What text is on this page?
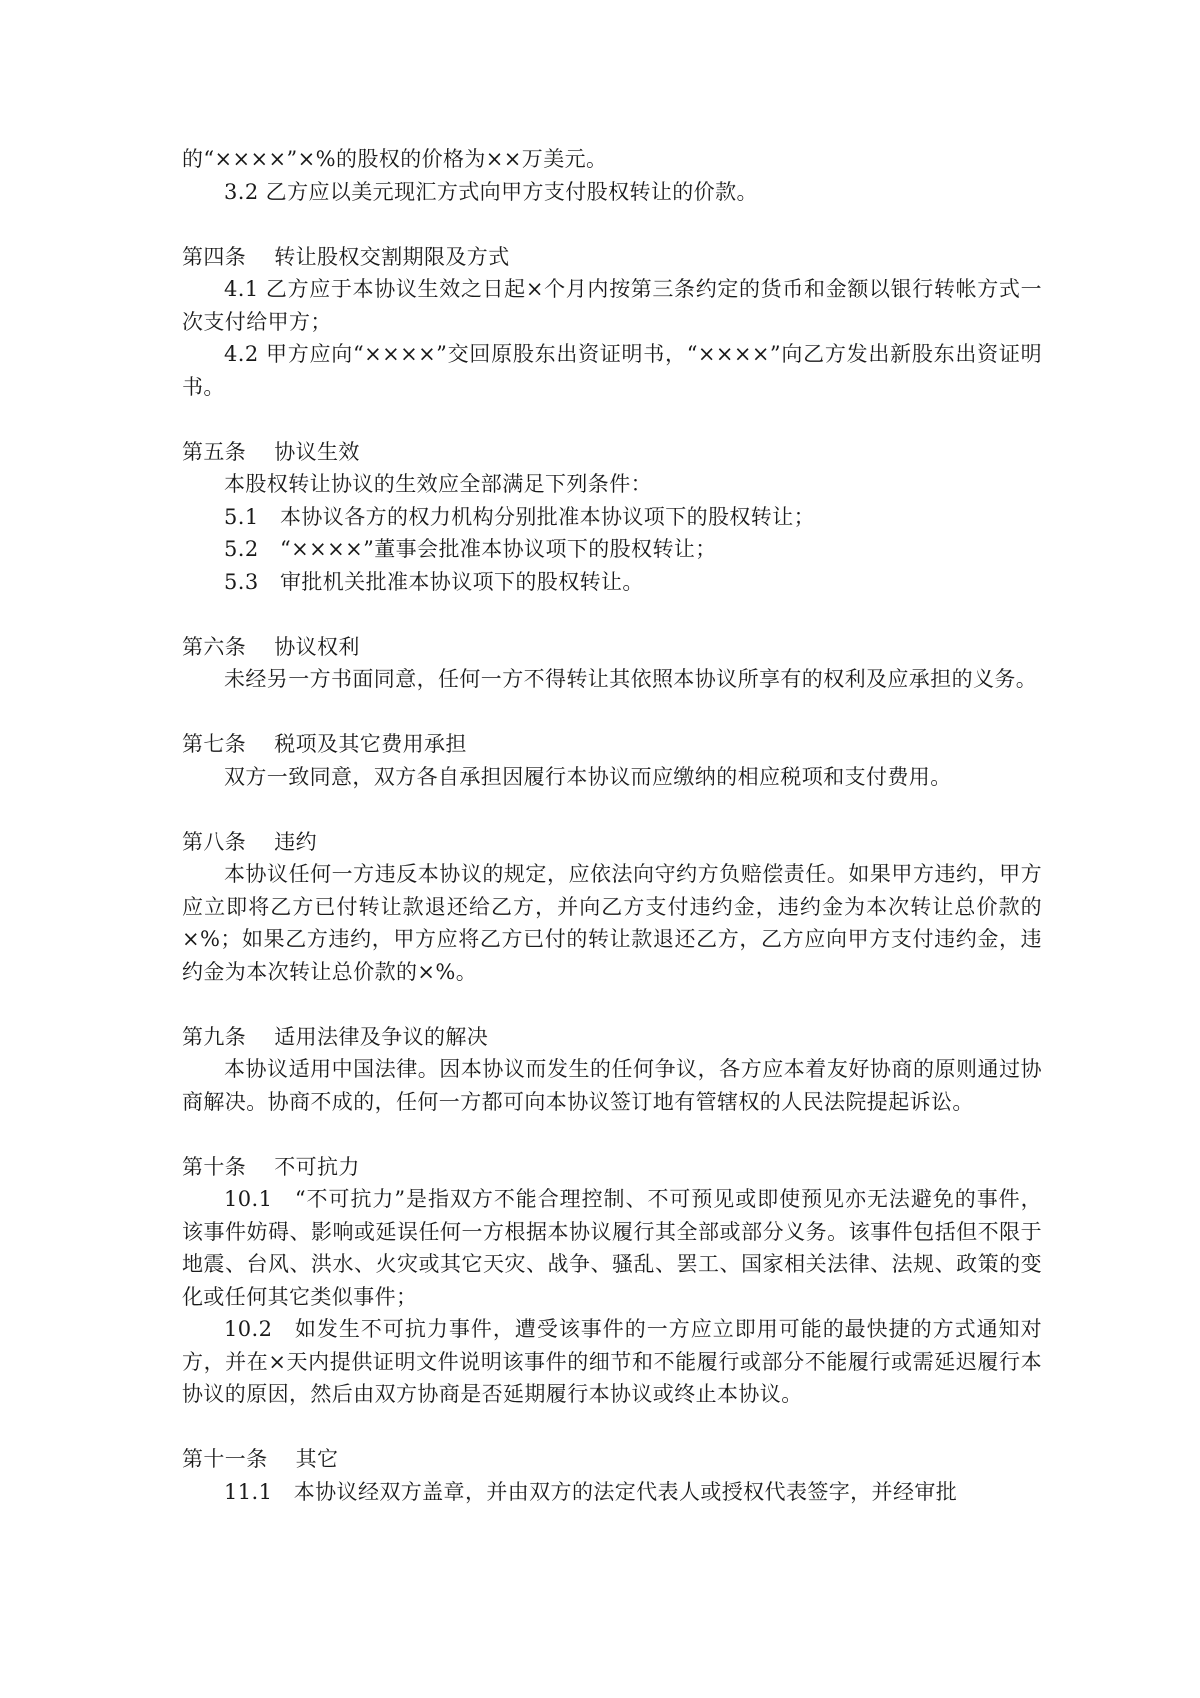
的“××××”×%的股权的价格为××万美元。

3.2 乙方应以美元现汇方式向甲方支付股权转让的价款。

第四条 转让股权交割期限及方式

4.1 乙方应于本协议生效之日起×个月内按第三条约定的货币和金额以银行转帐方式一次支付给甲方；

4.2 甲方应向“××××”交回原股东出资证明书，“××××”向乙方发出新股东出资证明书。

第五条 协议生效

本股权转让协议的生效应全部满足下列条件：

5.1　本协议各方的权力机构分别批准本协议项下的股权转让；

5.2　“××××”董事会批准本协议项下的股权转让；

5.3　审批机关批准本协议项下的股权转让。

第六条 协议权利

未经另一方书面同意，任何一方不得转让其依照本协议所享有的权利及应承担的义务。

第七条 税项及其它费用承担

双方一致同意，双方各自承担因履行本协议而应缴纳的相应税项和支付费用。

第八条 违约

本协议任何一方违反本协议的规定，应依法向守约方负赔偿责任。如果甲方违约，甲方应立即将乙方已付转让款退还给乙方，并向乙方支付违约金，违约金为本次转让总价款的×%；如果乙方违约，甲方应将乙方已付的转让款退还乙方，乙方应向甲方支付违约金，违约金为本次转让总价款的×%。

第九条 适用法律及争议的解决

本协议适用中国法律。因本协议而发生的任何争议，各方应本着友好协商的原则通过协商解决。协商不成的，任何一方都可向本协议签订地有管辖权的人民法院提起诉讼。

第十条 不可抗力

10.1　“不可抗力”是指双方不能合理控制、不可预见或即使预见亦无法避免的事件，该事件妨碍、影响或延误任何一方根据本协议履行其全部或部分义务。该事件包括但不限于地震、台风、洪水、火灾或其它天灾、战争、骚乱、罢工、国家相关法律、法规、政策的变化或任何其它类似事件；

10.2　如发生不可抗力事件，遭受该事件的一方应立即用可能的最快捷的方式通知对方，并在×天内提供证明文件说明该事件的细节和不能履行或部分不能履行或需延迟履行本协议的原因，然后由双方协商是否延期履行本协议或终止本协议。

第十一条 其它

11.1　本协议经双方盖章，并由双方的法定代表人或授权代表签字，并经审批
